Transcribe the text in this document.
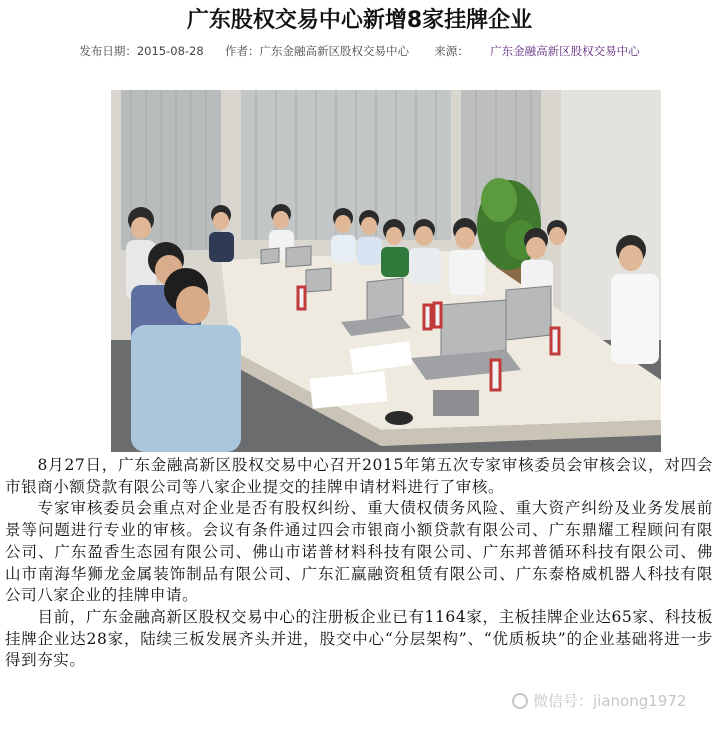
广东股权交易中心新增8家挂牌企业
发布日期：2015-08-28 作者：广东金融高新区股权交易中心 来源： 广东金融高新区股权交易中心

8月27日，广东金融高新区股权交易中心召开2015年第五次专家审核委员会审核会议，对四会市银商小额贷款有限公司等八家企业提交的挂牌申请材料进行了审核。

专家审核委员会重点对企业是否有股权纠纷、重大债权债务风险、重大资产纠纷及业务发展前景等问题进行专业的审核。会议有条件通过四会市银商小额贷款有限公司、广东鼎耀工程顾问有限公司、广东盈香生态园有限公司、佛山市诺普材料科技有限公司、广东邦普循环科技有限公司、佛山市南海华狮龙金属装饰制品有限公司、广东汇赢融资租赁有限公司、广东泰格威机器人科技有限公司八家企业的挂牌申请。

目前，广东金融高新区股权交易中心的注册板企业已有1164家，主板挂牌企业达65家、科技板挂牌企业达28家，陆续三板发展齐头并进，股交中心“分层架构”、“优质板块”的企业基础将进一步得到夯实。

微信号：jianong1972
